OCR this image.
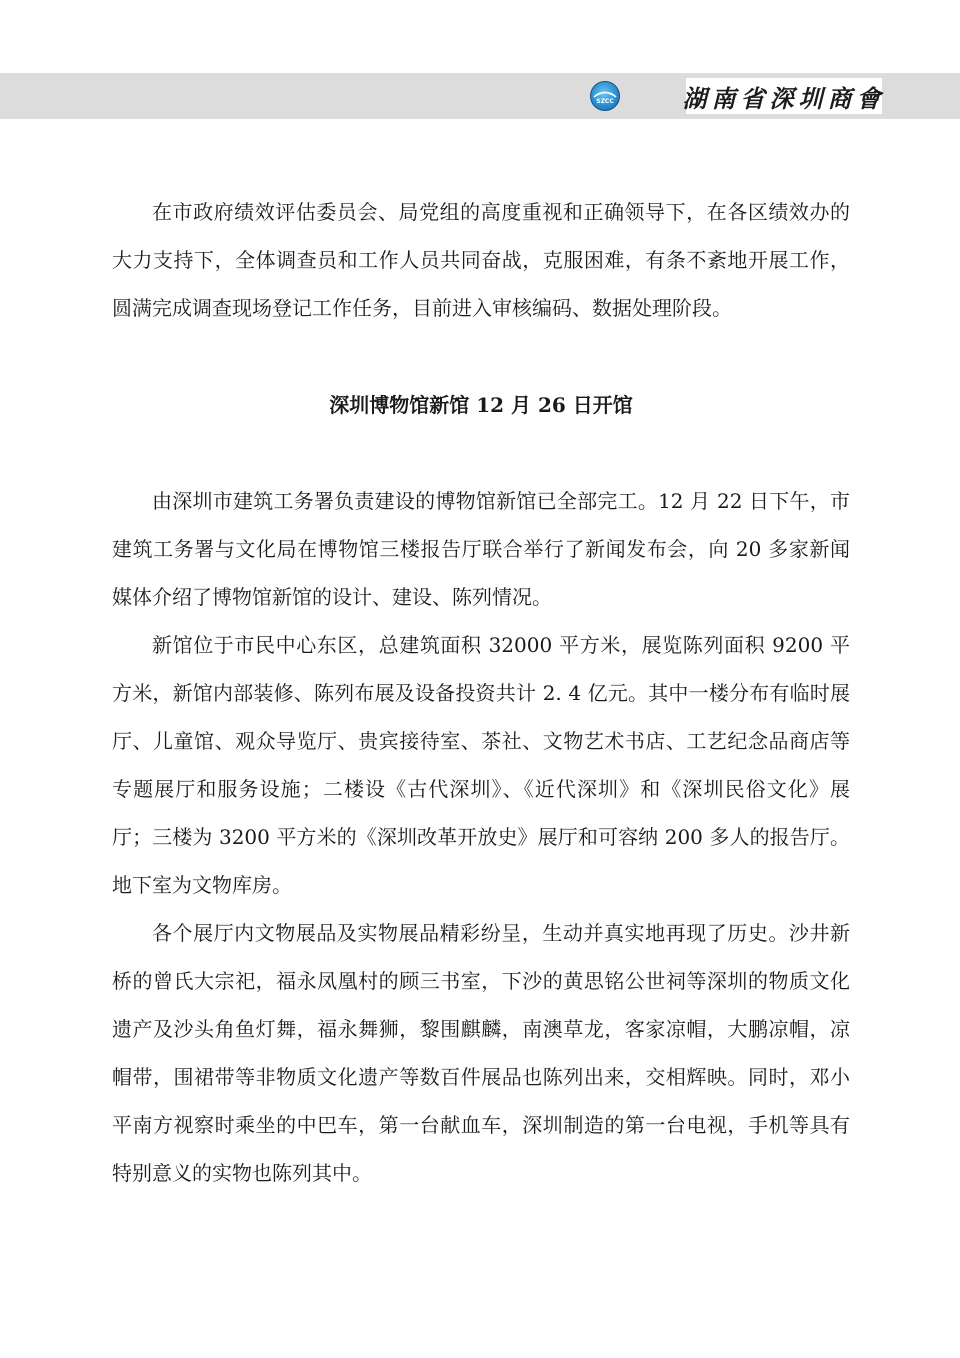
SZCC	湖南省深圳商會

在市政府绩效评估委员会、局党组的高度重视和正确领导下，在各区绩效办的大力支持下，全体调查员和工作人员共同奋战，克服困难，有条不紊地开展工作，圆满完成调查现场登记工作任务，目前进入审核编码、数据处理阶段。

深圳博物馆新馆 12 月 26 日开馆

由深圳市建筑工务署负责建设的博物馆新馆已全部完工。12 月 22 日下午，市建筑工务署与文化局在博物馆三楼报告厅联合举行了新闻发布会，向 20 多家新闻媒体介绍了博物馆新馆的设计、建设、陈列情况。

新馆位于市民中心东区，总建筑面积 32000 平方米，展览陈列面积 9200 平方米，新馆内部装修、陈列布展及设备投资共计 2. 4 亿元。其中一楼分布有临时展厅、儿童馆、观众导览厅、贵宾接待室、茶社、文物艺术书店、工艺纪念品商店等专题展厅和服务设施；二楼设《古代深圳》、《近代深圳》和《深圳民俗文化》展厅；三楼为 3200 平方米的《深圳改革开放史》展厅和可容纳 200 多人的报告厅。地下室为文物库房。

各个展厅内文物展品及实物展品精彩纷呈，生动并真实地再现了历史。沙井新桥的曾氏大宗祀，福永凤凰村的顾三书室，下沙的黄思铭公世祠等深圳的物质文化遗产及沙头角鱼灯舞，福永舞狮，黎围麒麟，南澳草龙，客家凉帽，大鹏凉帽，凉帽带，围裙带等非物质文化遗产等数百件展品也陈列出来，交相辉映。同时，邓小平南方视察时乘坐的中巴车，第一台献血车，深圳制造的第一台电视，手机等具有特别意义的实物也陈列其中。
